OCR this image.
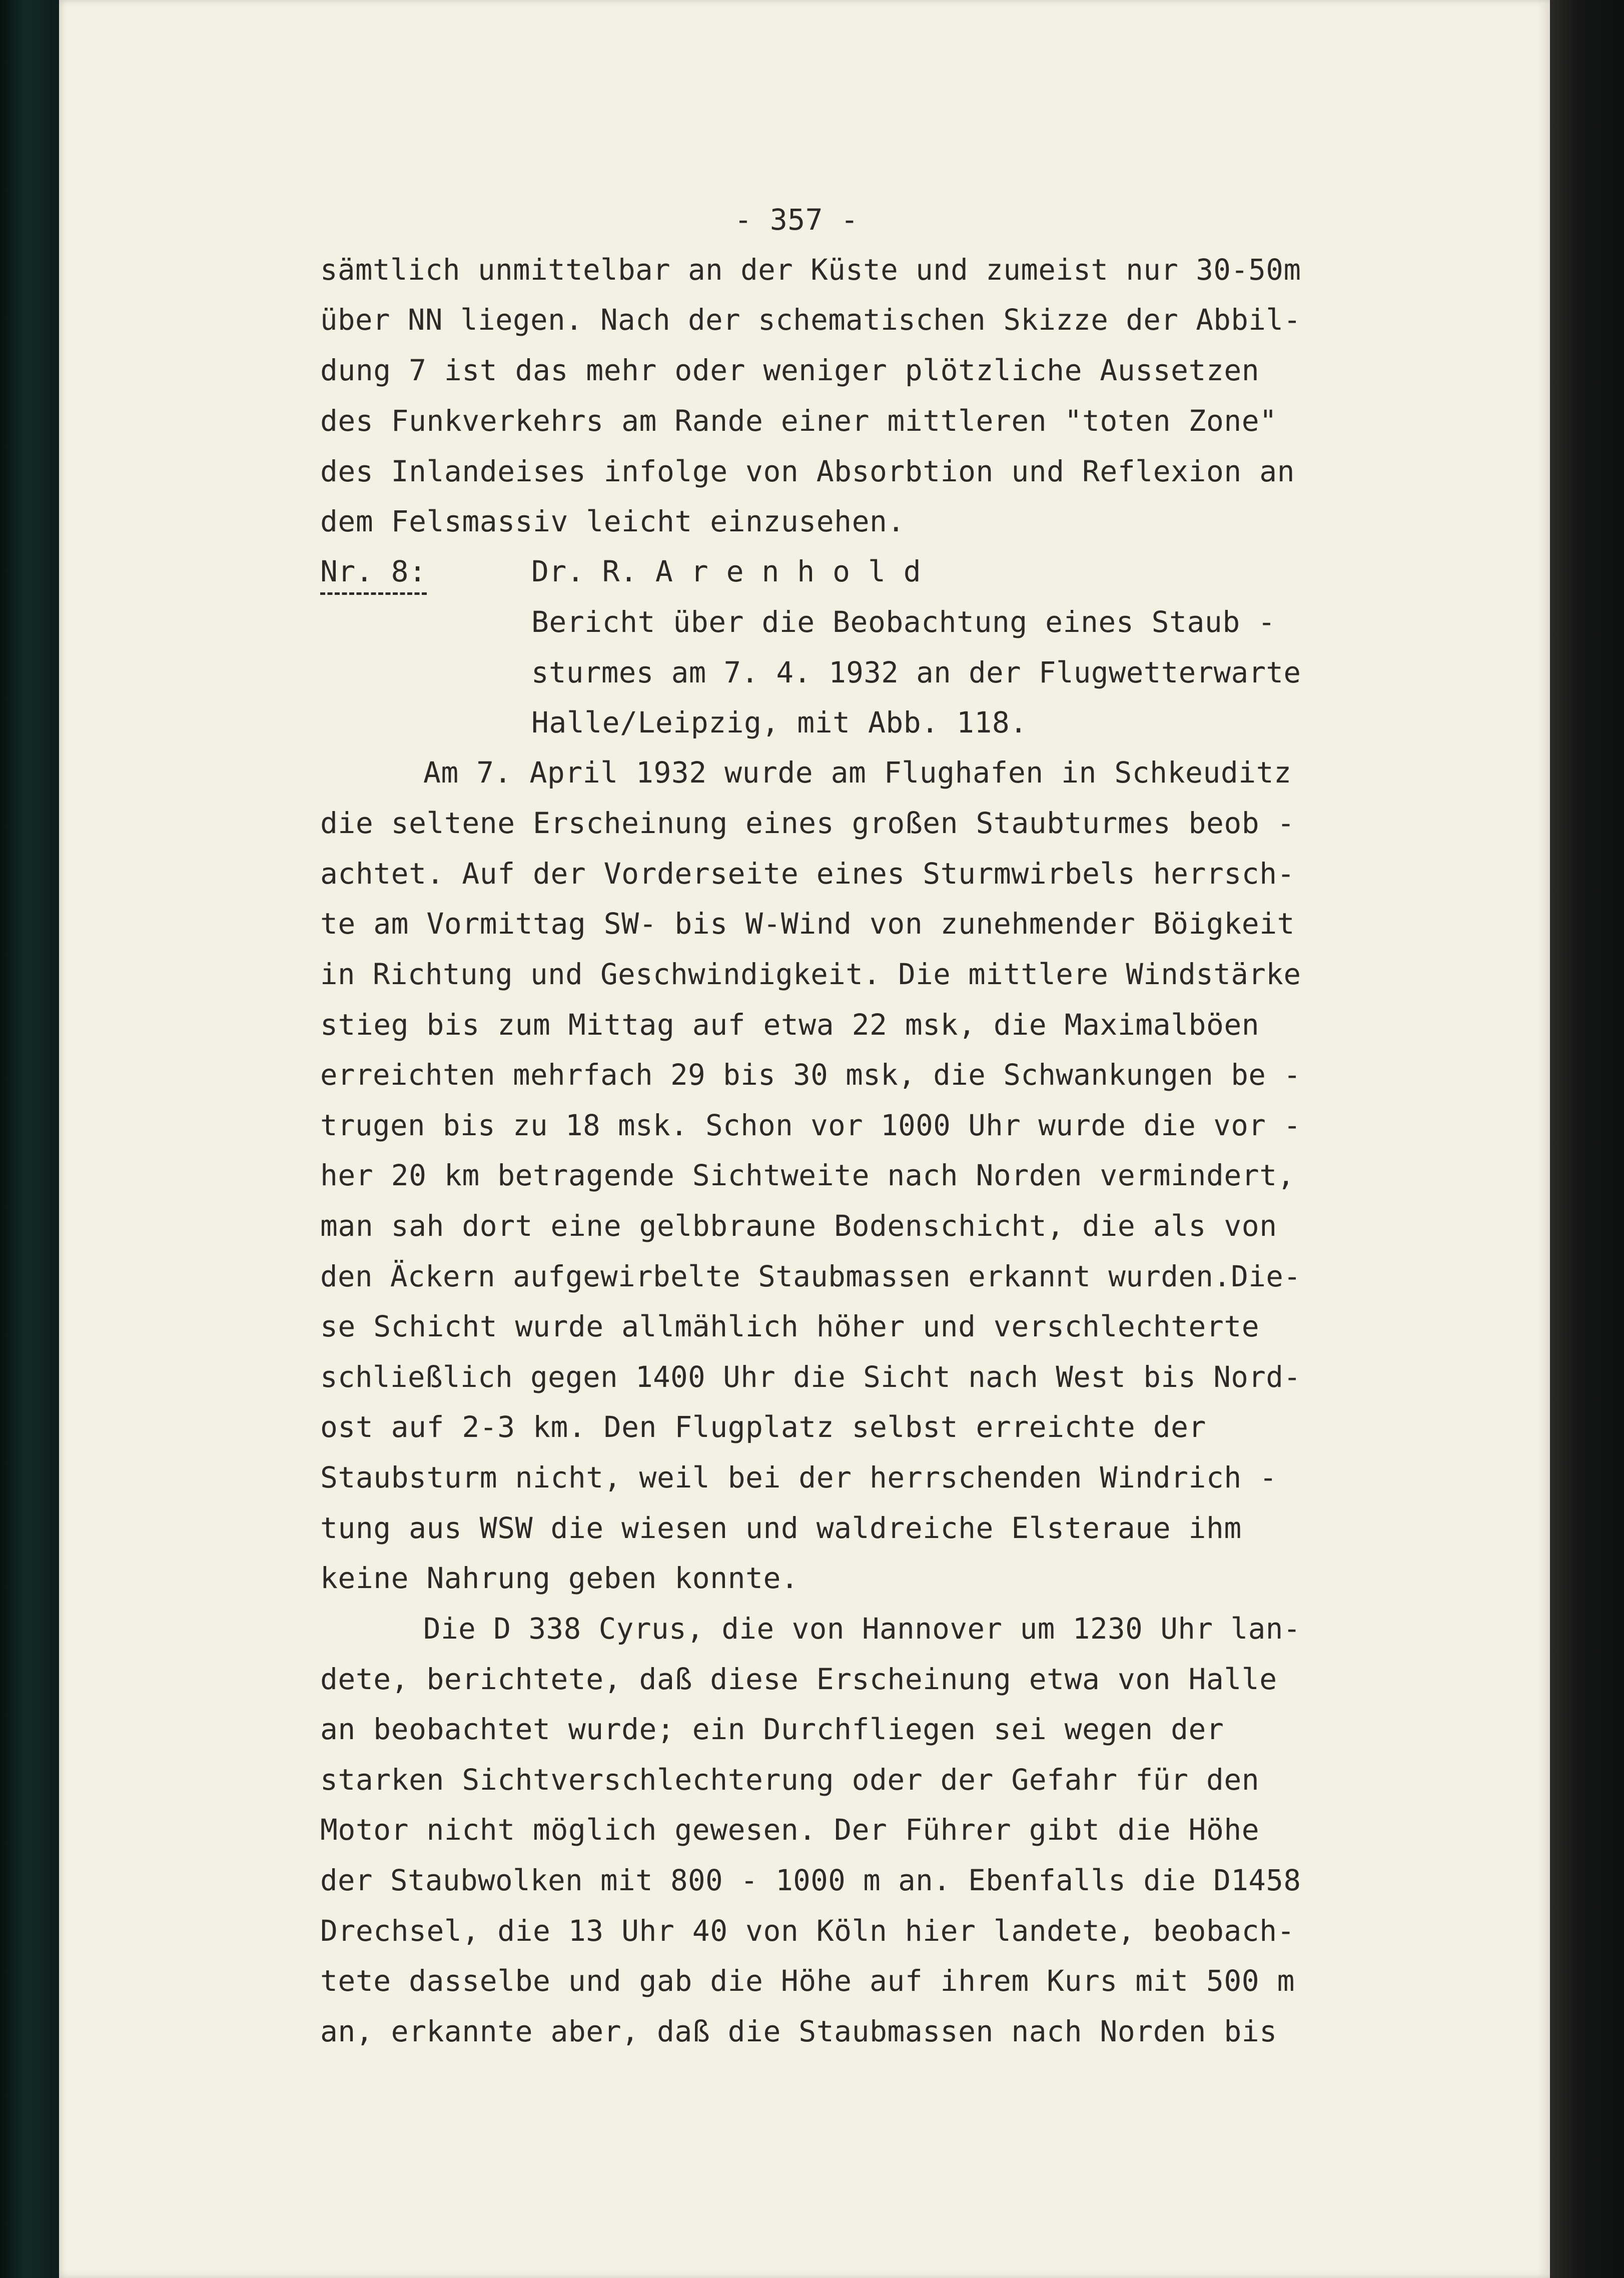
- 357 -
sämtlich unmittelbar an der Küste und zumeist nur 30-50m
über NN liegen. Nach der schematischen Skizze der Abbil-
dung 7 ist das mehr oder weniger plötzliche Aussetzen
des Funkverkehrs am Rande einer mittleren "toten Zone"
des Inlandeises infolge von Absorbtion und Reflexion an
dem Felsmassiv leicht einzusehen.
Nr. 8:	Dr. R. A r e n h o l d
Bericht über die Beobachtung eines Staub -
sturmes am 7. 4. 1932 an der Flugwetterwarte
Halle/Leipzig, mit Abb. 118.
Am 7. April 1932 wurde am Flughafen in Schkeuditz
die seltene Erscheinung eines großen Staubturmes beob -
achtet. Auf der Vorderseite eines Sturmwirbels herrsch-
te am Vormittag SW- bis W-Wind von zunehmender Böigkeit
in Richtung und Geschwindigkeit. Die mittlere Windstärke
stieg bis zum Mittag auf etwa 22 msk, die Maximalböen
erreichten mehrfach 29 bis 30 msk, die Schwankungen be -
trugen bis zu 18 msk. Schon vor 1000 Uhr wurde die vor -
her 20 km betragende Sichtweite nach Norden vermindert,
man sah dort eine gelbbraune Bodenschicht, die als von
den Äckern aufgewirbelte Staubmassen erkannt wurden.Die-
se Schicht wurde allmählich höher und verschlechterte
schließlich gegen 1400 Uhr die Sicht nach West bis Nord-
ost auf 2-3 km. Den Flugplatz selbst erreichte der
Staubsturm nicht, weil bei der herrschenden Windrich -
tung aus WSW die wiesen und waldreiche Elsteraue ihm
keine Nahrung geben konnte.
Die D 338 Cyrus, die von Hannover um 1230 Uhr lan-
dete, berichtete, daß diese Erscheinung etwa von Halle
an beobachtet wurde; ein Durchfliegen sei wegen der
starken Sichtverschlechterung oder der Gefahr für den
Motor nicht möglich gewesen. Der Führer gibt die Höhe
der Staubwolken mit 800 - 1000 m an. Ebenfalls die D1458
Drechsel, die 13 Uhr 40 von Köln hier landete, beobach-
tete dasselbe und gab die Höhe auf ihrem Kurs mit 500 m
an, erkannte aber, daß die Staubmassen nach Norden bis
